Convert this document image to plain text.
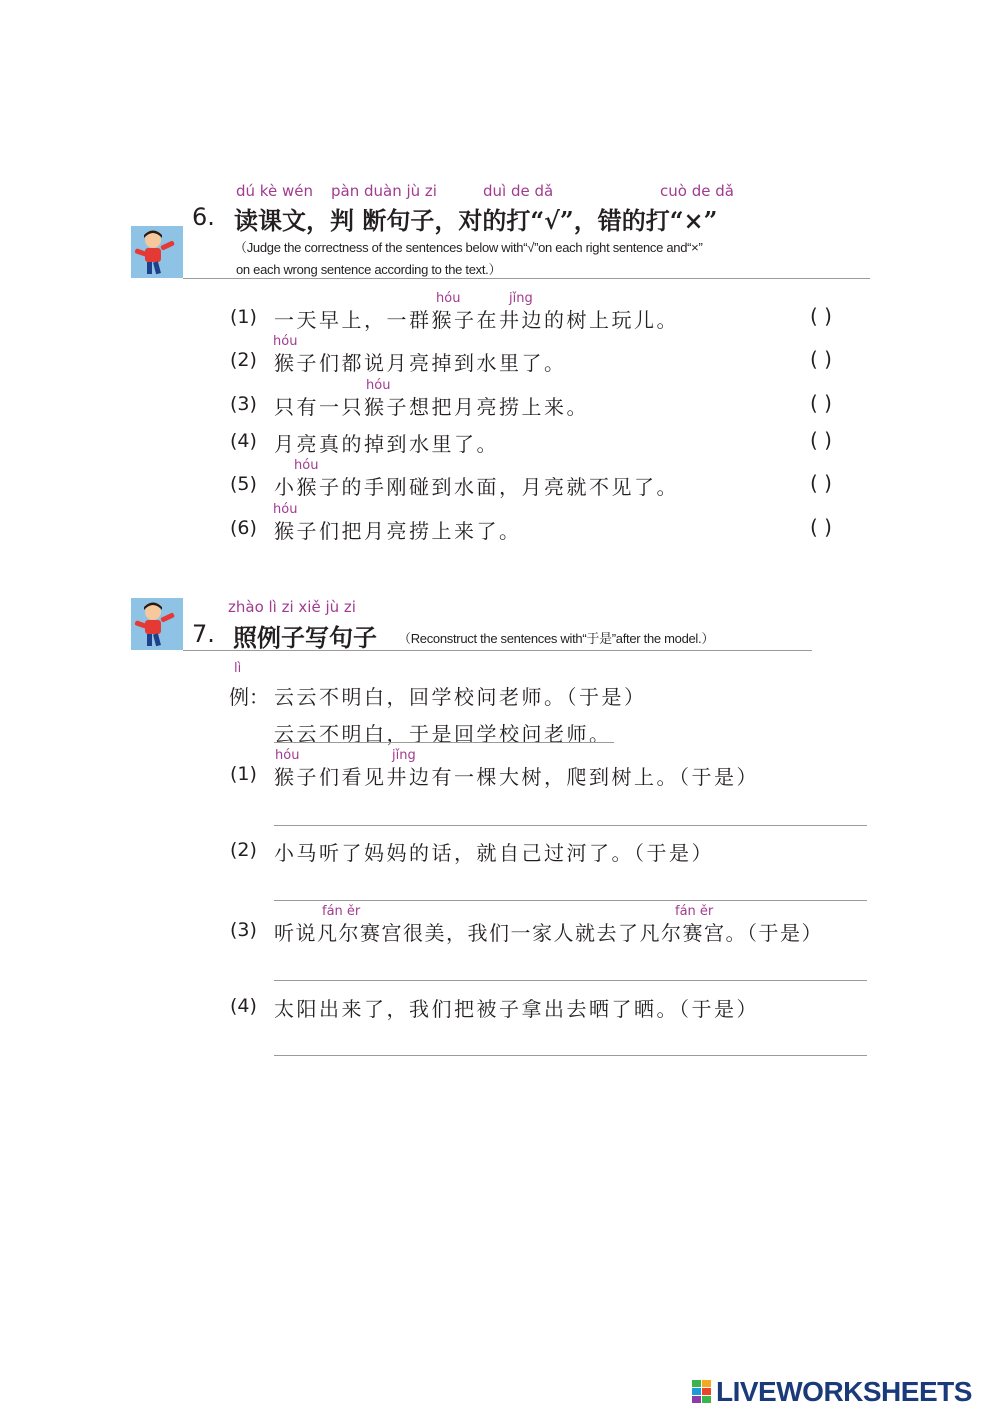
dú kè wén pàn duàn jù zi	duì de dǎ	cuò de dǎ
6. 读课文，判 断句子，对的打“√”，错的打“×”
（Judge the correctness of the sentences below with“√”on each right sentence and“×”
on each wrong sentence according to the text.）
hóu	jǐng
(1) 一天早上，一群猴子在井边的树上玩儿。	( )
hóu
(2) 猴子们都说月亮掉到水里了。	( )
hóu
(3) 只有一只猴子想把月亮捞上来。	( )
(4) 月亮真的掉到水里了。	( )
hóu
(5) 小猴子的手刚碰到水面，月亮就不见了。	( )
hóu
(6) 猴子们把月亮捞上来了。	( )
zhào lì zi xiě jù zi
7. 照例子写句子 （Reconstruct the sentences with“于是”after the model.）
lì
例： 云云不明白，回学校问老师。（于是）
云云不明白，于是回学校问老师。
hóu	jǐng
(1) 猴子们看见井边有一棵大树，爬到树上。（于是）
(2) 小马听了妈妈的话，就自己过河了。（于是）
fán ěr	fán ěr
(3) 听说凡尔赛宫很美，我们一家人就去了凡尔赛宫。（于是）
(4) 太阳出来了，我们把被子拿出去晒了晒。（于是）
LIVEWORKSHEETS
